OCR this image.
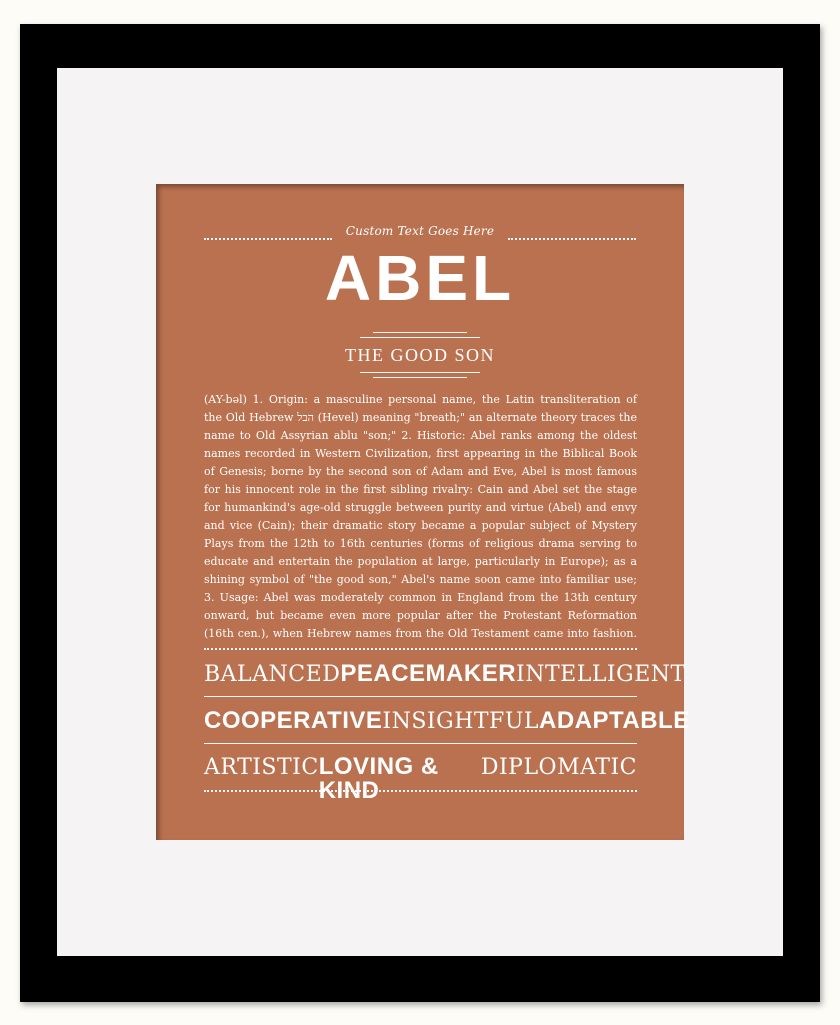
Custom Text Goes Here
ABEL
THE GOOD SON
(AY-bəl) 1. Origin: a masculine personal name, the Latin transliteration of
the Old Hebrew הבל (Hevel) meaning "breath;" an alternate theory traces the
name to Old Assyrian ablu "son;" 2. Historic: Abel ranks among the oldest
names recorded in Western Civilization, first appearing in the Biblical Book
of Genesis; borne by the second son of Adam and Eve, Abel is most famous
for his innocent role in the first sibling rivalry: Cain and Abel set the stage
for humankind's age-old struggle between purity and virtue (Abel) and envy
and vice (Cain); their dramatic story became a popular subject of Mystery
Plays from the 12th to 16th centuries (forms of religious drama serving to
educate and entertain the population at large, particularly in Europe); as a
shining symbol of "the good son," Abel's name soon came into familiar use;
3. Usage: Abel was moderately common in England from the 13th century
onward, but became even more popular after the Protestant Reformation
(16th cen.), when Hebrew names from the Old Testament came into fashion.
BALANCED PEACEMAKER INTELLIGENT
COOPERATIVE INSIGHTFUL ADAPTABLE
ARTISTIC LOVING & KIND
DIPLOMATIC
